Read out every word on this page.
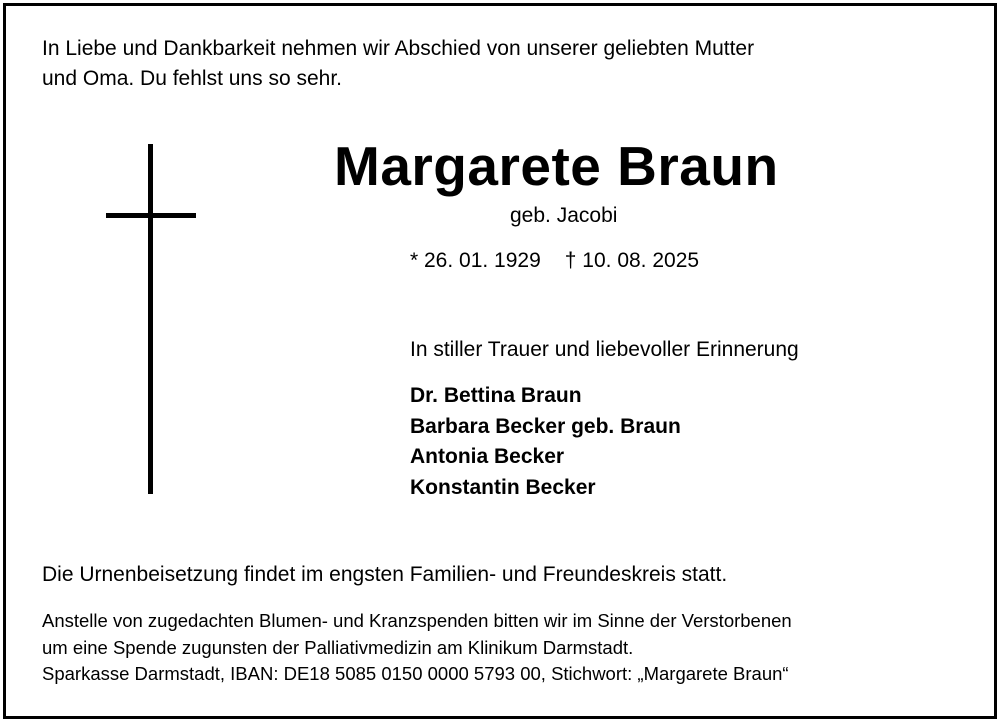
In Liebe und Dankbarkeit nehmen wir Abschied von unserer geliebten Mutter
und Oma. Du fehlst uns so sehr.
Margarete Braun
geb. Jacobi
* 26. 01. 1929 † 10. 08. 2025
In stiller Trauer und liebevoller Erinnerung
Dr. Bettina Braun
Barbara Becker geb. Braun
Antonia Becker
Konstantin Becker
Die Urnenbeisetzung findet im engsten Familien- und Freundeskreis statt.
Anstelle von zugedachten Blumen- und Kranzspenden bitten wir im Sinne der Verstorbenen
um eine Spende zugunsten der Palliativmedizin am Klinikum Darmstadt.
Sparkasse Darmstadt, IBAN: DE18 5085 0150 0000 5793 00, Stichwort: „Margarete Braun“
